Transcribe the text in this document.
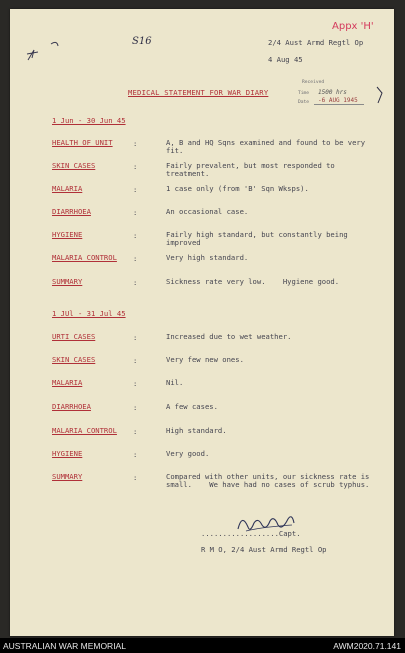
Appx 'H'
S16	2/4 Aust Armd Regtl Op
4 Aug 45
Received
Time 1500 hrs
Date -6 AUG 1945
MEDICAL STATEMENT FOR WAR DIARY
1 Jun - 30 Jun 45
HEALTH OF UNIT	:	A, B and HQ Sqns examined and found to be very fit.
SKIN CASES	:	Fairly prevalent, but most responded to treatment.
MALARIA	:	1 case only (from 'B' Sqn Wksps).
DIARRHOEA	:	An occasional case.
HYGIENE	:	Fairly high standard, but constantly being improved
MALARIA CONTROL :	Very high standard.
SUMMARY	:	Sickness rate very low.    Hygiene good.
1 JUl - 31 Jul 45
URTI CASES	:	Increased due to wet weather.
SKIN CASES	:	Very few new ones.
MALARIA	:	Nil.
DIARRHOEA	:	A few cases.
MALARIA CONTROL :	High standard.
HYGIENE	:	Very good.
SUMMARY	:	Compared with other units, our sickness rate is small.    We have had no cases of scrub typhus.
..................Capt.
R M O, 2/4 Aust Armd Regtl Op
AUSTRALIAN WAR MEMORIAL	AWM2020.71.141
